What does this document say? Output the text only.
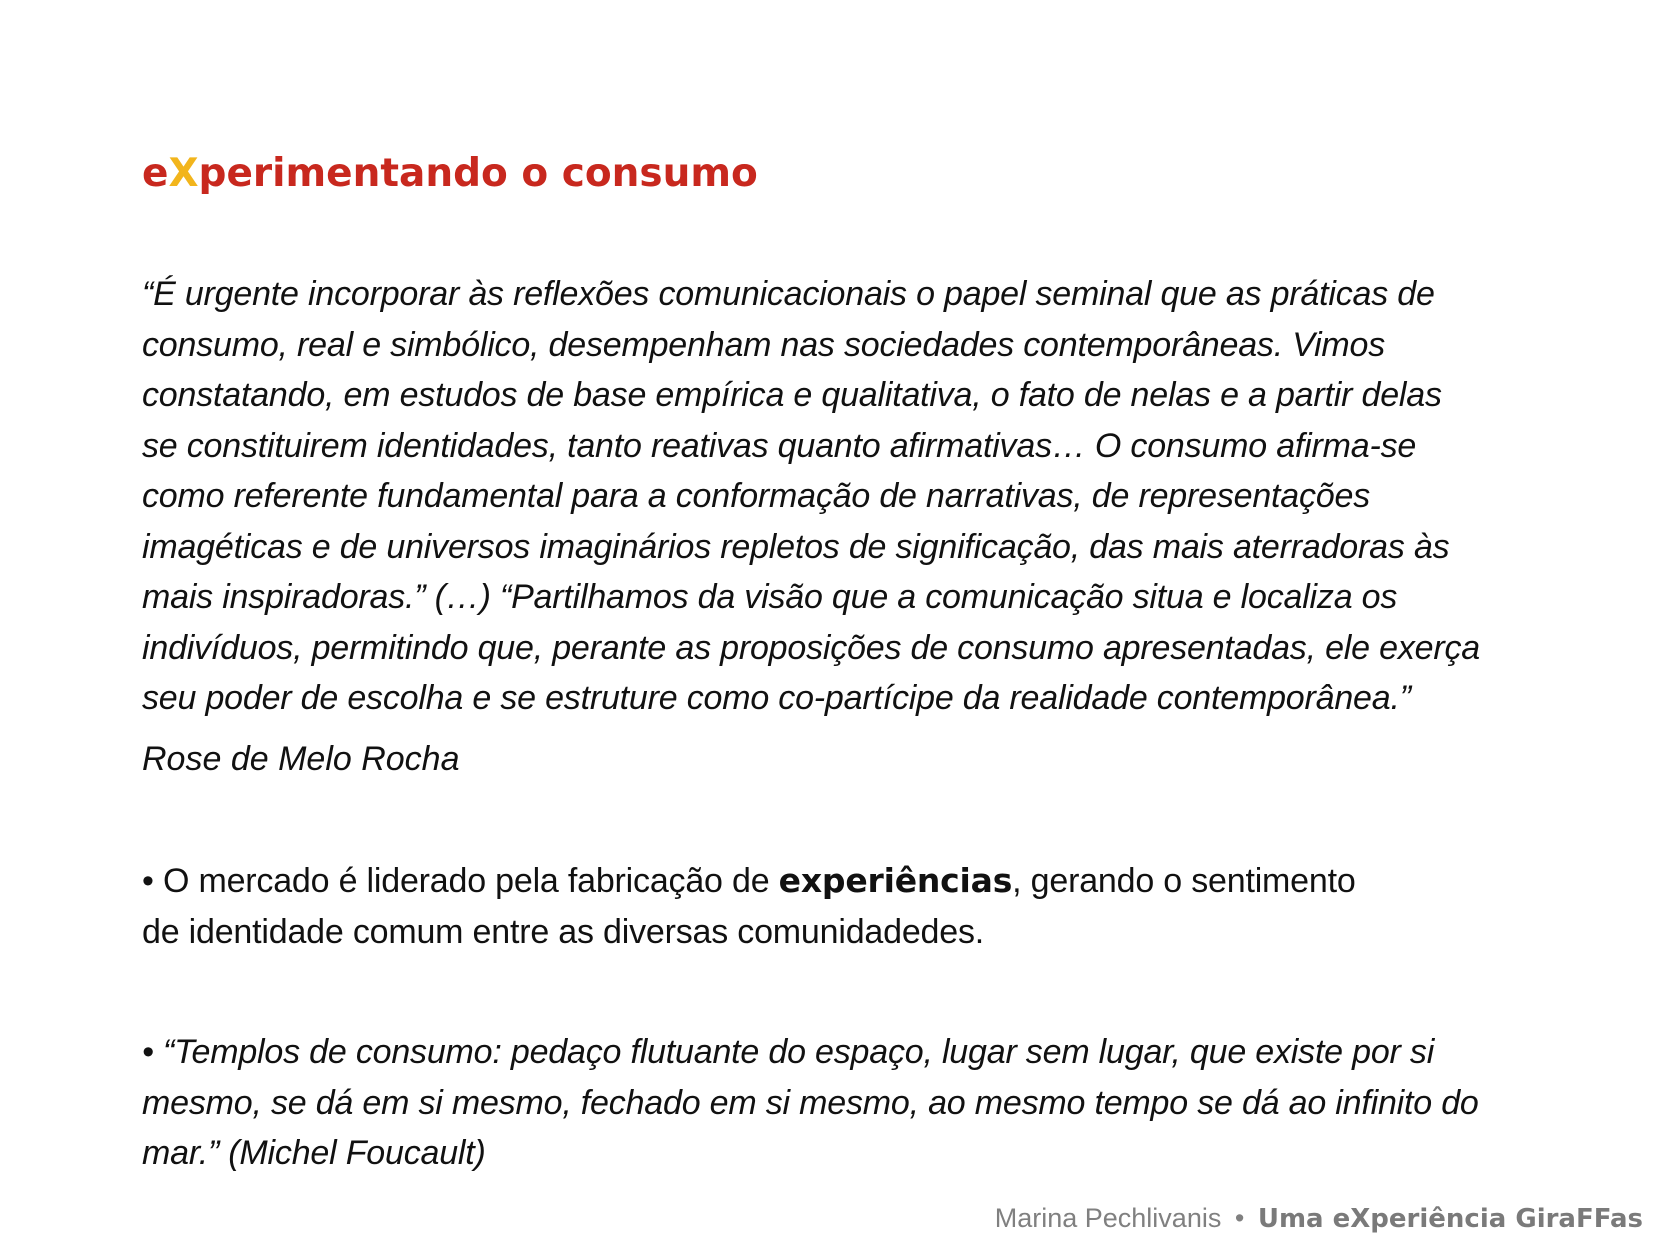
eXperimentando o consumo

“É urgente incorporar às reflexões comunicacionais o papel seminal que as práticas de
consumo, real e simbólico, desempenham nas sociedades contemporâneas. Vimos
constatando, em estudos de base empírica e qualitativa, o fato de nelas e a partir delas
se constituirem identidades, tanto reativas quanto afirmativas… O consumo afirma-se
como referente fundamental para a conformação de narrativas, de representações
imagéticas e de universos imaginários repletos de significação, das mais aterradoras às
mais inspiradoras.” (…) “Partilhamos da visão que a comunicação situa e localiza os
indivíduos, permitindo que, perante as proposições de consumo apresentadas, ele exerça
seu poder de escolha e se estruture como co-partícipe da realidade contemporânea.”

Rose de Melo Rocha

• O mercado é liderado pela fabricação de experiências, gerando o sentimento
de identidade comum entre as diversas comunidadedes.

• “Templos de consumo: pedaço flutuante do espaço, lugar sem lugar, que existe por si
mesmo, se dá em si mesmo, fechado em si mesmo, ao mesmo tempo se dá ao infinito do
mar.” (Michel Foucault)

Marina Pechlivanis • Uma eXperiência GiraFFas
